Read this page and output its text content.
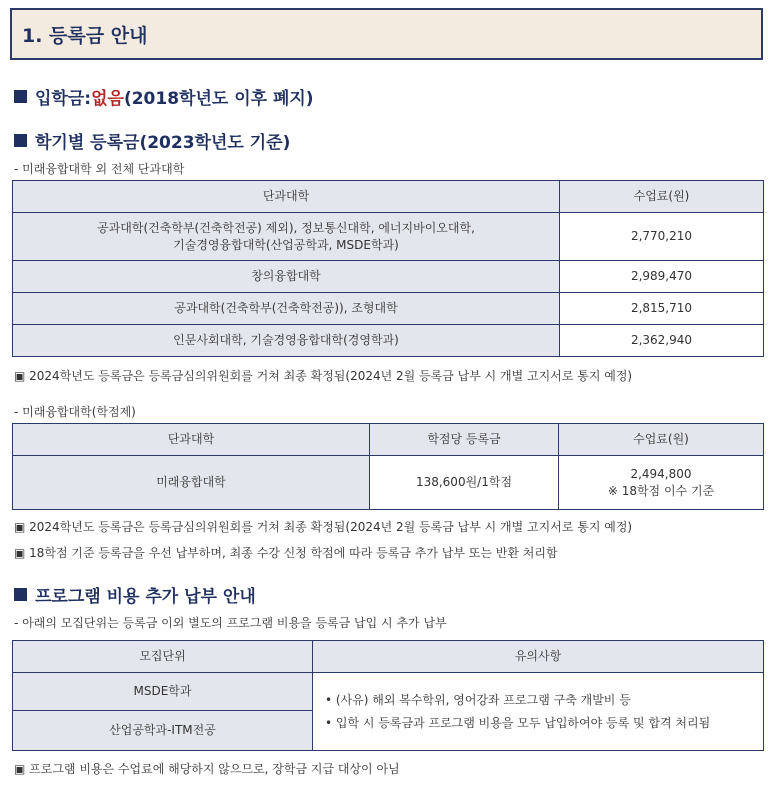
1. 등록금 안내
입학금: 없음 (2018학년도 이후 폐지)
학기별 등록금(2023학년도 기준)
- 미래융합대학 외 전체 단과대학
단과대학	수업료(원)

공과대학(건축학부(건축학전공) 제외), 정보통신대학, 에너지바이오대학,
기술경영융합대학(산업공학과, MSDE학과)	2,770,210
창의융합대학	2,989,470
공과대학(건축학부(건축학전공)), 조형대학	2,815,710
인문사회대학, 기술경영융합대학(경영학과)	2,362,940
▣ 2024학년도 등록금은 등록금심의위원회를 거쳐 최종 확정됨(2024년 2월 등록금 납부 시 개별 고지서로 통지 예정)
- 미래융합대학(학점제)
단과대학	학점당 등록금	수업료(원)
미래융합대학	138,600원/1학점	2,494,800
※ 18학점 이수 기준
▣ 2024학년도 등록금은 등록금심의위원회를 거쳐 최종 확정됨(2024년 2월 등록금 납부 시 개별 고지서로 통지 예정)
▣ 18학점 기준 등록금을 우선 납부하며, 최종 수강 신청 학점에 따라 등록금 추가 납부 또는 반환 처리함
프로그램 비용 추가 납부 안내
- 아래의 모집단위는 등록금 이외 별도의 프로그램 비용을 등록금 납입 시 추가 납부
모집단위	유의사항
MSDE학과	• (사유) 해외 복수학위, 영어강좌 프로그램 구축 개발비 등
• 입학 시 등록금과 프로그램 비용을 모두 납입하여야 등록 및 합격 처리됨

산업공학과-ITM전공	
▣ 프로그램 비용은 수업료에 해당하지 않으므로, 장학금 지급 대상이 아님
